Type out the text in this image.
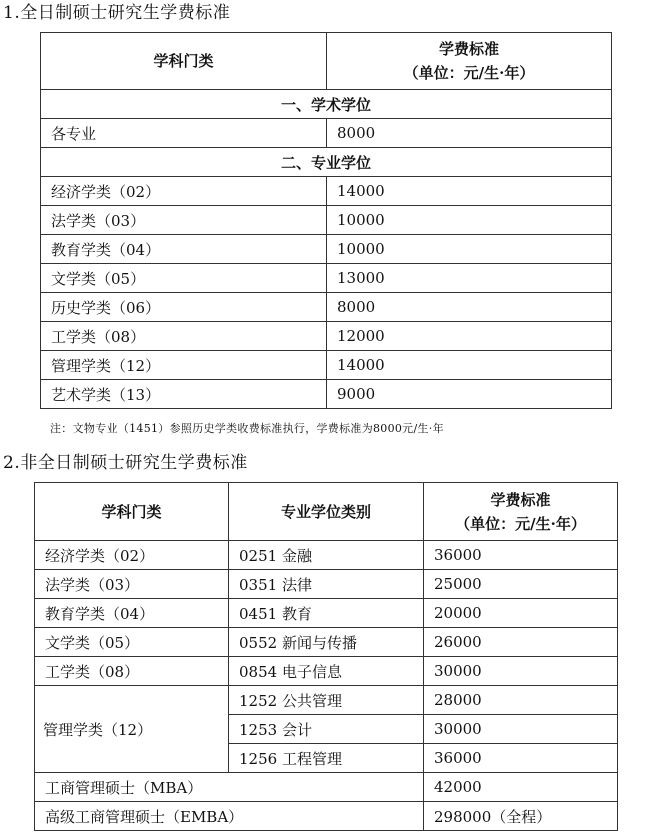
1.全日制硕士研究生学费标准
学科门类	学费标准
（单位：元/生·年）

一、学术学位	
各专业	8000
二、专业学位	
经济学类（02）	14000
法学类（03）	10000
教育学类（04）	10000
文学类（05）	13000
历史学类（06）	8000
工学类（08）	12000
管理学类（12）	14000
艺术学类（13）	9000
注：文物专业（1451）参照历史学类收费标准执行，学费标准为8000元/生·年
2.非全日制硕士研究生学费标准
学科门类	专业学位类别	学费标准
（单位：元/生·年）

经济学类（02）	0251 金融	36000
法学类（03）	0351 法律	25000
教育学类（04）	0451 教育	20000
文学类（05）	0552 新闻与传播	26000
工学类（08）	0854 电子信息	30000
管理学类（12）	1252 公共管理	28000
	1253 会计	30000
	1256 工程管理	36000
工商管理硕士（MBA）		42000
高级工商管理硕士（EMBA）		298000（全程）
